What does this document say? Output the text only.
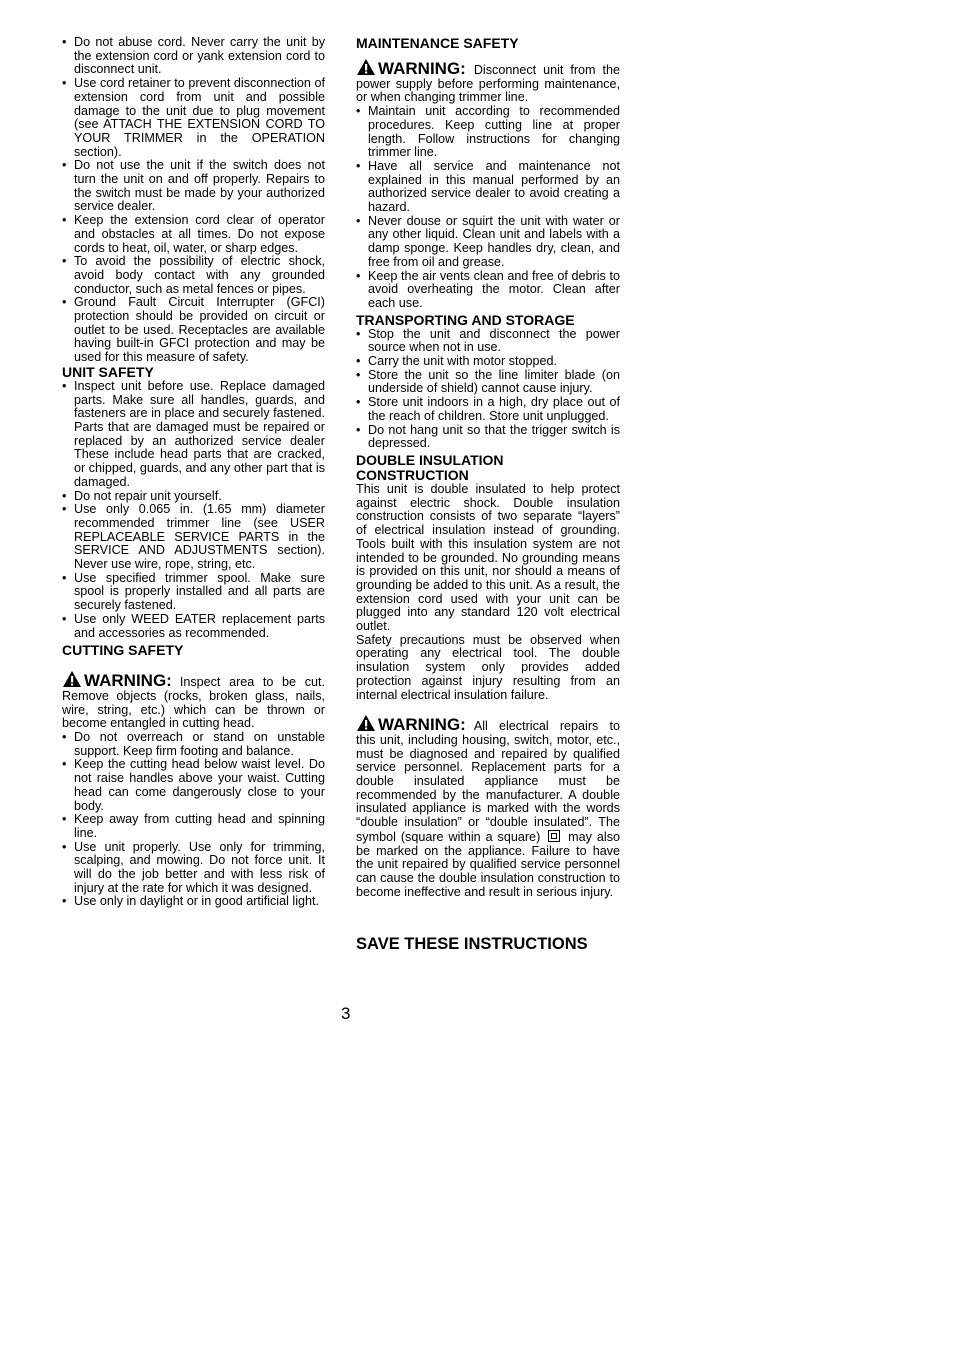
• Do not abuse cord. Never carry the unit by the extension cord or yank extension cord to disconnect unit.
• Use cord retainer to prevent disconnection of extension cord from unit and possible damage to the unit due to plug movement (see ATTACH THE EXTENSION CORD TO YOUR TRIMMER in the OPERATION section).
• Do not use the unit if the switch does not turn the unit on and off properly. Repairs to the switch must be made by your authorized service dealer.
• Keep the extension cord clear of operator and obstacles at all times. Do not expose cords to heat, oil, water, or sharp edges.
• To avoid the possibility of electric shock, avoid body contact with any grounded conductor, such as metal fences or pipes.
• Ground Fault Circuit Interrupter (GFCI) protection should be provided on circuit or outlet to be used. Receptacles are available having built-in GFCI protection and may be used for this measure of safety.
UNIT SAFETY
• Inspect unit before use. Replace damaged parts. Make sure all handles, guards, and fasteners are in place and securely fastened. Parts that are damaged must be repaired or replaced by an authorized service dealer These include head parts that are cracked, or chipped, guards, and any other part that is damaged.
• Do not repair unit yourself.
• Use only 0.065 in. (1.65 mm) diameter recommended trimmer line (see USER REPLACEABLE SERVICE PARTS in the SERVICE AND ADJUSTMENTS section). Never use wire, rope, string, etc.
• Use specified trimmer spool. Make sure spool is properly installed and all parts are securely fastened.
• Use only WEED EATER replacement parts and accessories as recommended.
CUTTING SAFETY

WARNING: Inspect area to be cut. Remove objects (rocks, broken glass, nails, wire, string, etc.) which can be thrown or become entangled in cutting head.

• Do not overreach or stand on unstable support. Keep firm footing and balance.
• Keep the cutting head below waist level. Do not raise handles above your waist. Cutting head can come dangerously close to your body.
• Keep away from cutting head and spinning line.
• Use unit properly. Use only for trimming, scalping, and mowing. Do not force unit. It will do the job better and with less risk of injury at the rate for which it was designed.
• Use only in daylight or in good artificial light.
MAINTENANCE SAFETY

WARNING: Disconnect unit from the power supply before performing maintenance, or when changing trimmer line.

• Maintain unit according to recommended procedures. Keep cutting line at proper length. Follow instructions for changing trimmer line.
• Have all service and maintenance not explained in this manual performed by an authorized service dealer to avoid creating a hazard.
• Never douse or squirt the unit with water or any other liquid. Clean unit and labels with a damp sponge. Keep handles dry, clean, and free from oil and grease.
• Keep the air vents clean and free of debris to avoid overheating the motor. Clean after each use.
TRANSPORTING AND STORAGE
• Stop the unit and disconnect the power source when not in use.
• Carry the unit with motor stopped.
• Store the unit so the line limiter blade (on underside of shield) cannot cause injury.
• Store unit indoors in a high, dry place out of the reach of children. Store unit unplugged.
• Do not hang unit so that the trigger switch is depressed.
DOUBLE INSULATION
CONSTRUCTION

This unit is double insulated to help protect against electric shock. Double insulation construction consists of two separate “layers” of electrical insulation instead of grounding. Tools built with this insulation system are not intended to be grounded. No grounding means is provided on this unit, nor should a means of grounding be added to this unit. As a result, the extension cord used with your unit can be plugged into any standard 120 volt electrical outlet.

Safety precautions must be observed when operating any electrical tool. The double insulation system only provides added protection against injury resulting from an internal electrical insulation failure.

WARNING: All electrical repairs to this unit, including housing, switch, motor, etc., must be diagnosed and repaired by qualified service personnel. Replacement parts for a double insulated appliance must be recommended by the manufacturer. A double insulated appliance is marked with the words “double insulation” or “double insulated”. The symbol (square within a square) may also be marked on the appliance. Failure to have the unit repaired by qualified service personnel can cause the double insulation construction to become ineffective and result in serious injury.

SAVE THESE INSTRUCTIONS
3
